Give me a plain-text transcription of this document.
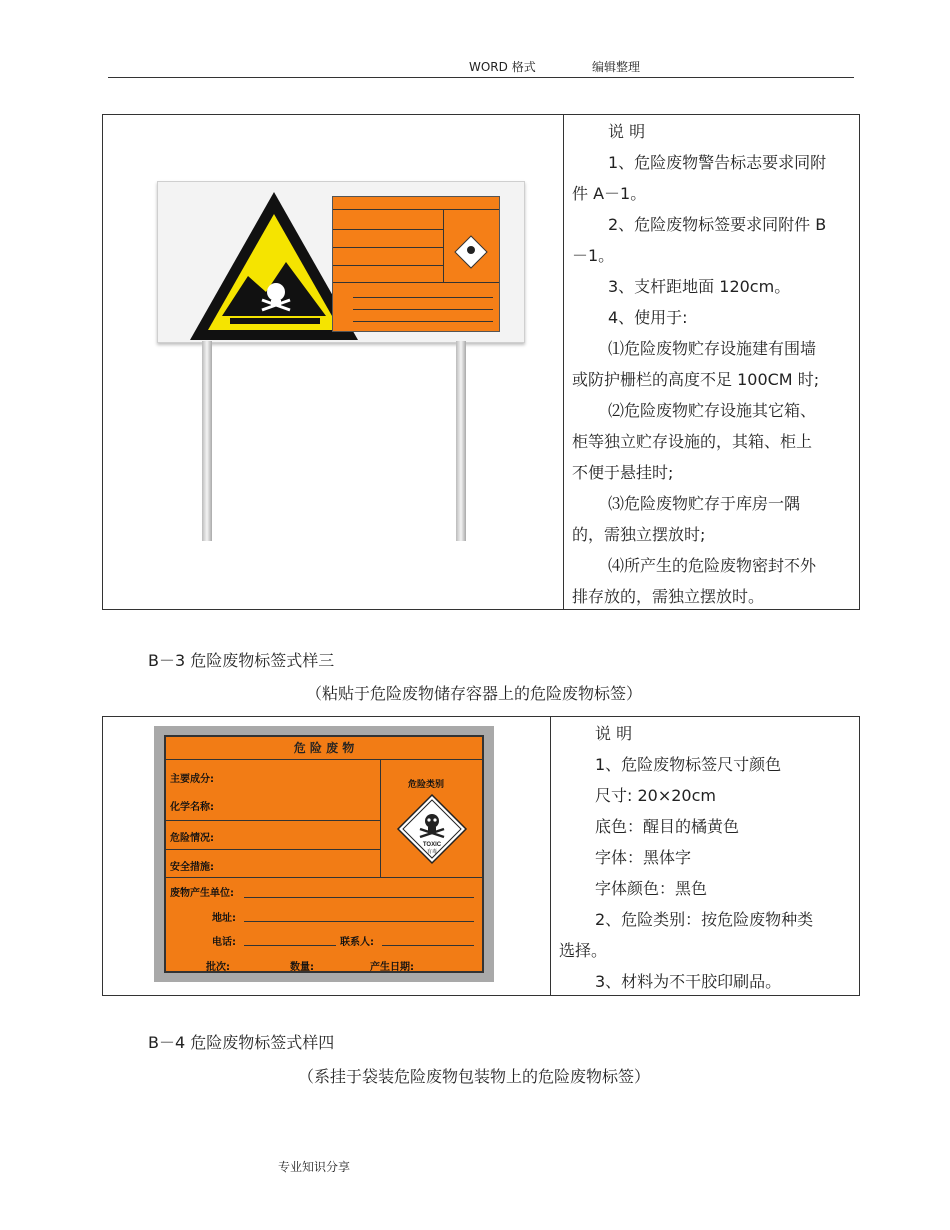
WORD 格式	编辑整理

说 明

1、危险废物警告标志要求同附

件 A－1。

2、危险废物标签要求同附件 B

－1。

3、支杆距地面 120cm。

4、使用于:

⑴危险废物贮存设施建有围墙

或防护栅栏的高度不足 100CM 时;

⑵危险废物贮存设施其它箱、

柜等独立贮存设施的，其箱、柜上

不便于悬挂时;

⑶危险废物贮存于库房一隅

的，需独立摆放时;

⑷所产生的危险废物密封不外

排存放的，需独立摆放时。

B－3 危险废物标签式样三
（粘贴于危险废物储存容器上的危险废物标签）

说 明

1、危险废物标签尺寸颜色

尺寸: 20×20cm

底色：醒目的橘黄色

字体：黑体字

字体颜色：黑色

2、危险类别：按危险废物种类

选择。

3、材料为不干胶印刷品。

危 险 废 物
主要成分:
化学名称:
危险情况:
安全措施:
危险类别
TOXIC
有毒
废物产生单位:
地址:
电话:	联系人:
批次:	数量:	产生日期:
B－4 危险废物标签式样四
（系挂于袋装危险废物包装物上的危险废物标签）
专业知识分享
